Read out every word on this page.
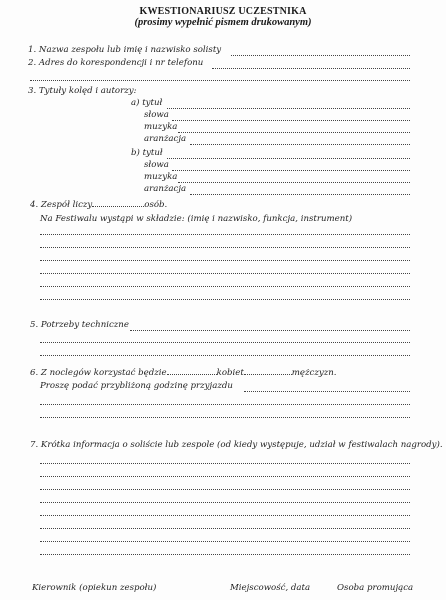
KWESTIONARIUSZ UCZESTNIKA
(prosimy wypełnić pismem drukowanym)
1. Nazwa zespołu lub imię i nazwisko solisty
2. Adres do korespondencji i nr telefonu
3. Tytuły kolęd i autorzy:
a) tytuł
słowa
muzyka
aranżacja
b) tytuł
słowa
muzyka
aranżacja
4. Zespół liczy	osób.
Na Festiwalu wystąpi w składzie: (imię i nazwisko, funkcja, instrument)
5. Potrzeby techniczne
6. Z noclegów korzystać będzie	kobiet	mężczyzn.
Proszę podać przybliżoną godzinę przyjazdu
7. Krótka informacja o soliście lub zespole (od kiedy występuje, udział w festiwalach nagrody).
Kierownik (opiekun zespołu)	Miejscowość, data	Osoba promująca
